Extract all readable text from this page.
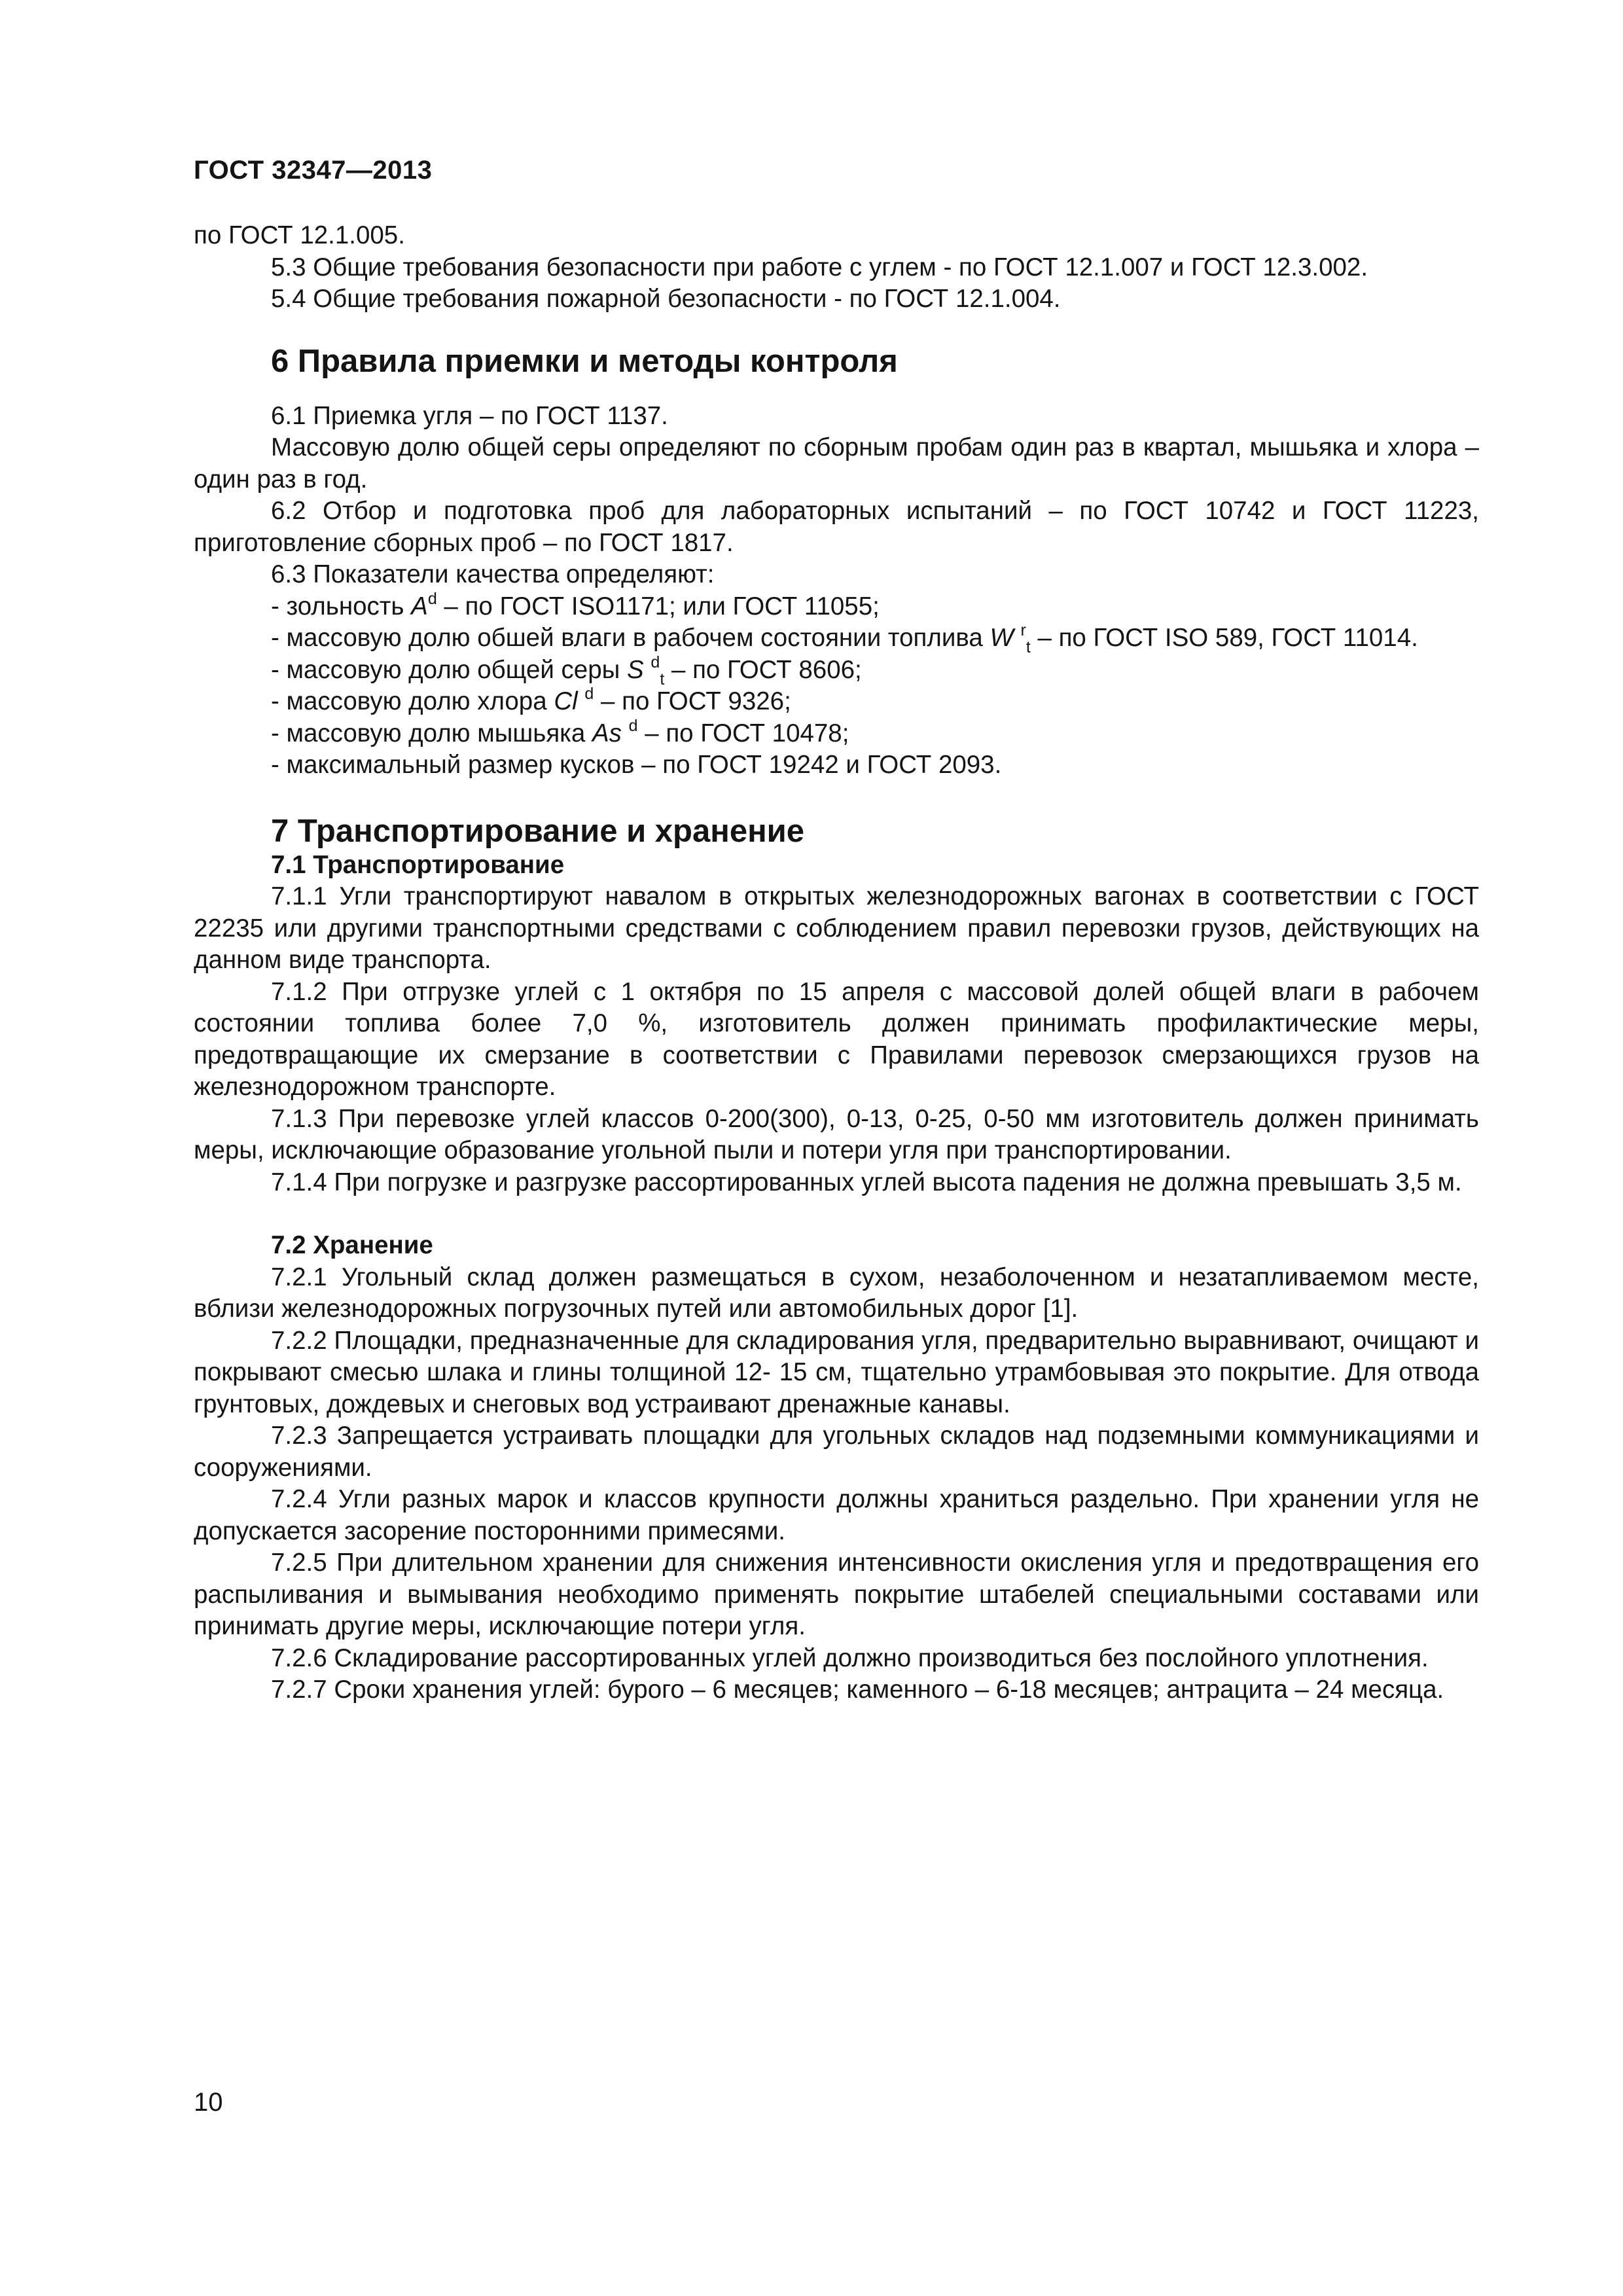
ГОСТ 32347—2013

по ГОСТ 12.1.005.

5.3 Общие требования безопасности при работе с углем - по ГОСТ 12.1.007 и ГОСТ 12.3.002.

5.4 Общие требования пожарной безопасности - по ГОСТ 12.1.004.

6 Правила приемки и методы контроля

6.1 Приемка угля – по ГОСТ 1137.

Массовую долю общей серы определяют по сборным пробам один раз в квартал, мышьяка и хлора – один раз в год.

6.2 Отбор и подготовка проб для лабораторных испытаний – по ГОСТ 10742 и ГОСТ 11223, приготовление сборных проб – по ГОСТ 1817.

6.3 Показатели качества определяют:

- зольность $A^d$ – по ГОСТ ISO1171; или ГОСТ 11055;

- массовую долю обшей влаги в рабочем состоянии топлива W $^r_t$ – по ГОСТ ISO 589, ГОСТ 11014.

- массовую долю общей серы S $^d_t$ – по ГОСТ 8606;

- массовую долю хлора Cl $^d$ – по ГОСТ 9326;

- массовую долю мышьяка As $^d$ – по ГОСТ 10478;

- максимальный размер кусков – по ГОСТ 19242 и ГОСТ 2093.

7 Транспортирование и хранение

7.1 Транспортирование

7.1.1 Угли транспортируют навалом в открытых железнодорожных вагонах в соответствии с ГОСТ 22235 или другими транспортными средствами с соблюдением правил перевозки грузов, действующих на данном виде транспорта.

7.1.2 При отгрузке углей с 1 октября по 15 апреля с массовой долей общей влаги в рабочем состоянии топлива более 7,0 %, изготовитель должен принимать профилактические меры, предотвращающие их смерзание в соответствии с Правилами перевозок смерзающихся грузов на железнодорожном транспорте.

7.1.3 При перевозке углей классов 0-200(300), 0-13, 0-25, 0-50 мм изготовитель должен принимать меры, исключающие образование угольной пыли и потери угля при транспортировании.

7.1.4 При погрузке и разгрузке рассортированных углей высота падения не должна превышать 3,5 м.

7.2 Хранение

7.2.1 Угольный склад должен размещаться в сухом, незаболоченном и незатапливаемом месте, вблизи железнодорожных погрузочных путей или автомобильных дорог [1].

7.2.2 Площадки, предназначенные для складирования угля, предварительно выравнивают, очищают и покрывают смесью шлака и глины толщиной 12- 15 см, тщательно утрамбовывая это покрытие. Для отвода грунтовых, дождевых и снеговых вод устраивают дренажные канавы.

7.2.3 Запрещается устраивать площадки для угольных складов над подземными коммуникациями и сооружениями.

7.2.4 Угли разных марок и классов крупности должны храниться раздельно. При хранении угля не допускается засорение посторонними примесями.

7.2.5 При длительном хранении для снижения интенсивности окисления угля и предотвращения его распыливания и вымывания необходимо применять покрытие штабелей специальными составами или принимать другие меры, исключающие потери угля.

7.2.6 Складирование рассортированных углей должно производиться без послойного уплотнения.

7.2.7 Сроки хранения углей: бурого – 6 месяцев; каменного – 6-18 месяцев; антрацита – 24 месяца.

10
